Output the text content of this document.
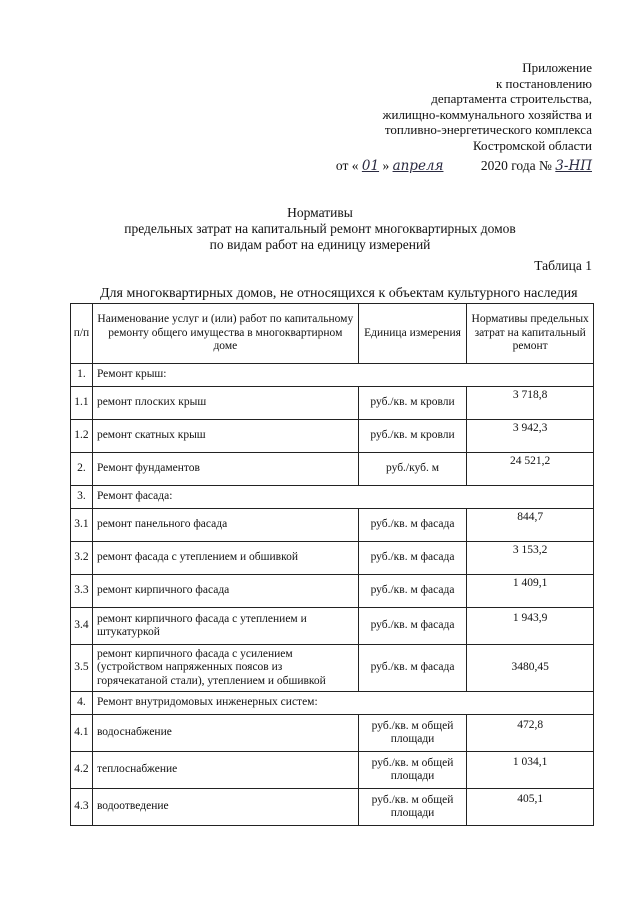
Приложение
к постановлению
департамента строительства,
жилищно-коммунального хозяйства и
топливно-энергетического комплекса
Костромской области
от « 01 » апреля	2020 года № 3-НП
Нормативы
предельных затрат на капитальный ремонт многоквартирных домов
по видам работ на единицу измерений
Таблица 1
Для многоквартирных домов, не относящихся к объектам культурного наследия
п/п	Наименование услуг и (или) работ по капитальному ремонту общего имущества в многоквартирном доме	Единица измерения	Нормативы предельных затрат на капитальный ремонт
1.	Ремонт крыш:		
1.1	ремонт плоских крыш	руб./кв. м кровли	3 718,8

1.2	ремонт скатных крыш	руб./кв. м кровли	3 942,3

2.	Ремонт фундаментов	руб./куб. м	24 521,2

3.	Ремонт фасада:		
3.1	ремонт панельного фасада	руб./кв. м фасада	844,7

3.2	ремонт фасада с утеплением и обшивкой	руб./кв. м фасада	3 153,2

3.3	ремонт кирпичного фасада	руб./кв. м фасада	1 409,1

3.4	ремонт кирпичного фасада с утеплением и штукатуркой	руб./кв. м фасада	1 943,9

3.5	ремонт кирпичного фасада с усилением (устройством напряженных поясов из горячекатаной стали), утеплением и обшивкой	руб./кв. м фасада	3480,45
4.	Ремонт внутридомовых инженерных систем:		
4.1	водоснабжение	руб./кв. м общей площади	472,8

4.2	теплоснабжение	руб./кв. м общей площади	1 034,1

4.3	водоотведение	руб./кв. м общей площади	405,1
